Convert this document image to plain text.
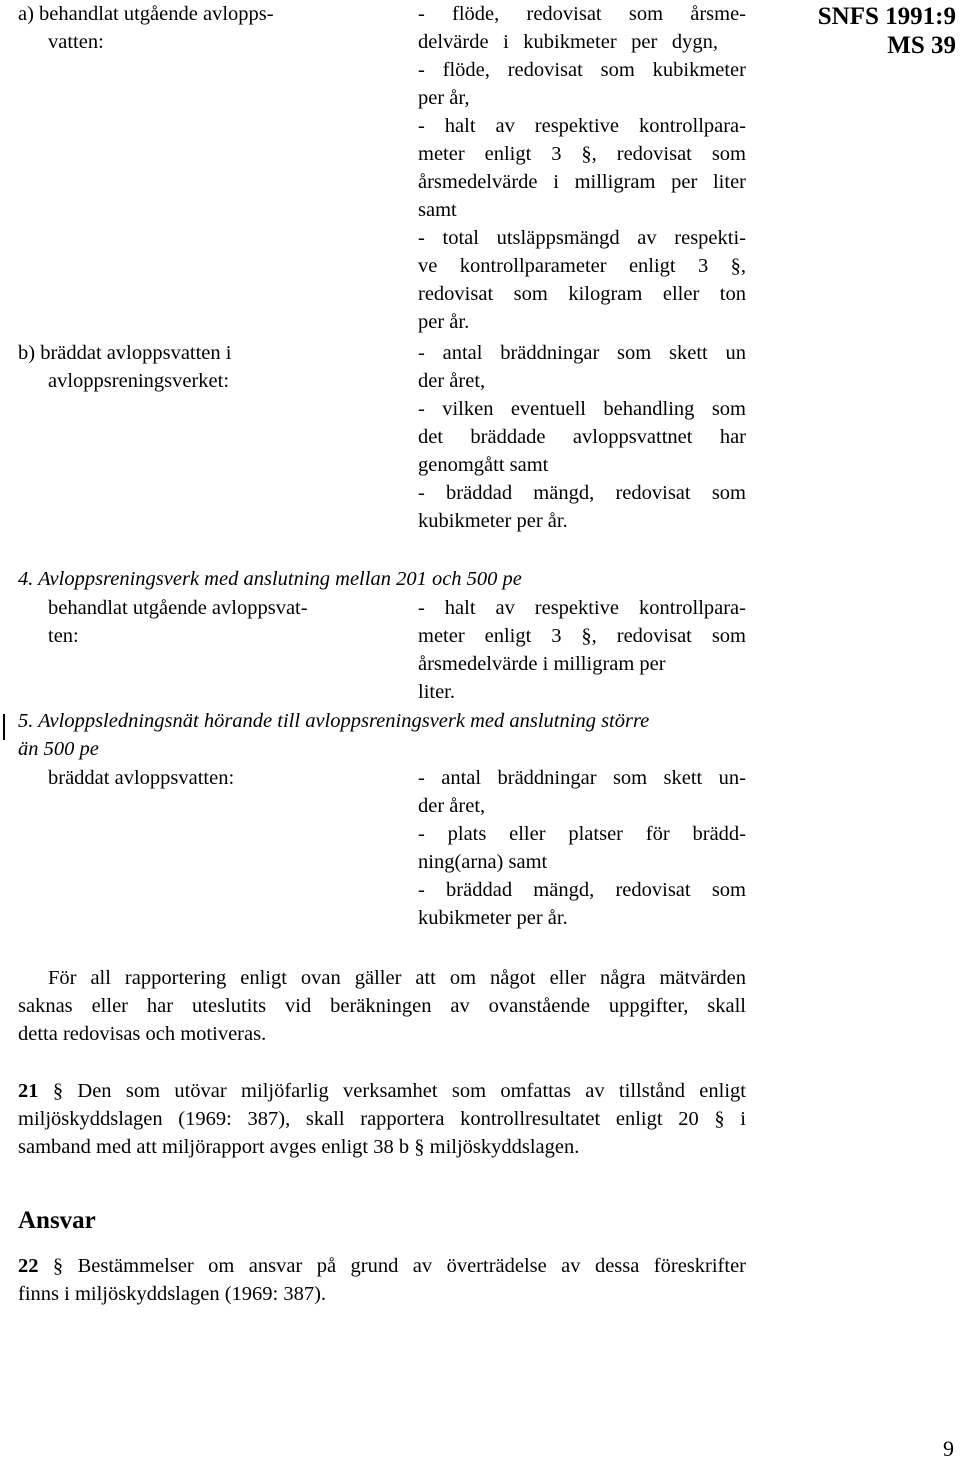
SNFS 1991:9
MS 39
a) behandlat utgående avlopps-
vatten:
- flöde, redovisat som årsme-
delvärde i kubikmeter per dygn,
- flöde, redovisat som kubikmeter
per år,
- halt av respektive kontrollpara-
meter enligt 3 §, redovisat som
årsmedelvärde i milligram per liter
samt
- total utsläppsmängd av respekti-
ve kontrollparameter enligt 3 §,
redovisat som kilogram eller ton
per år.
b) bräddat avloppsvatten i
avloppsreningsverket:
- antal bräddningar som skett un
der året,
- vilken eventuell behandling som
det bräddade avloppsvattnet har
genomgått samt
- bräddad mängd, redovisat som
kubikmeter per år.
4. Avloppsreningsverk med anslutning mellan 201 och 500 pe
behandlat utgående avloppsvat-
ten:
- halt av respektive kontrollpara-
meter enligt 3 §, redovisat som
årsmedelvärde i milligram per
liter.
5. Avloppsledningsnät hörande till avloppsreningsverk med anslutning större
än 500 pe
bräddat avloppsvatten:	- antal bräddningar som skett un-
der året,
- plats eller platser för brädd-
ning(arna) samt
- bräddad mängd, redovisat som
kubikmeter per år.
För all rapportering enligt ovan gäller att om något eller några mätvärden
saknas eller har uteslutits vid beräkningen av ovanstående uppgifter, skall
detta redovisas och motiveras.
21 § Den som utövar miljöfarlig verksamhet som omfattas av tillstånd enligt
miljöskyddslagen (1969: 387), skall rapportera kontrollresultatet enligt 20 § i
samband med att miljörapport avges enligt 38 b § miljöskyddslagen.
Ansvar
22 § Bestämmelser om ansvar på grund av överträdelse av dessa föreskrifter
finns i miljöskyddslagen (1969: 387).
9
